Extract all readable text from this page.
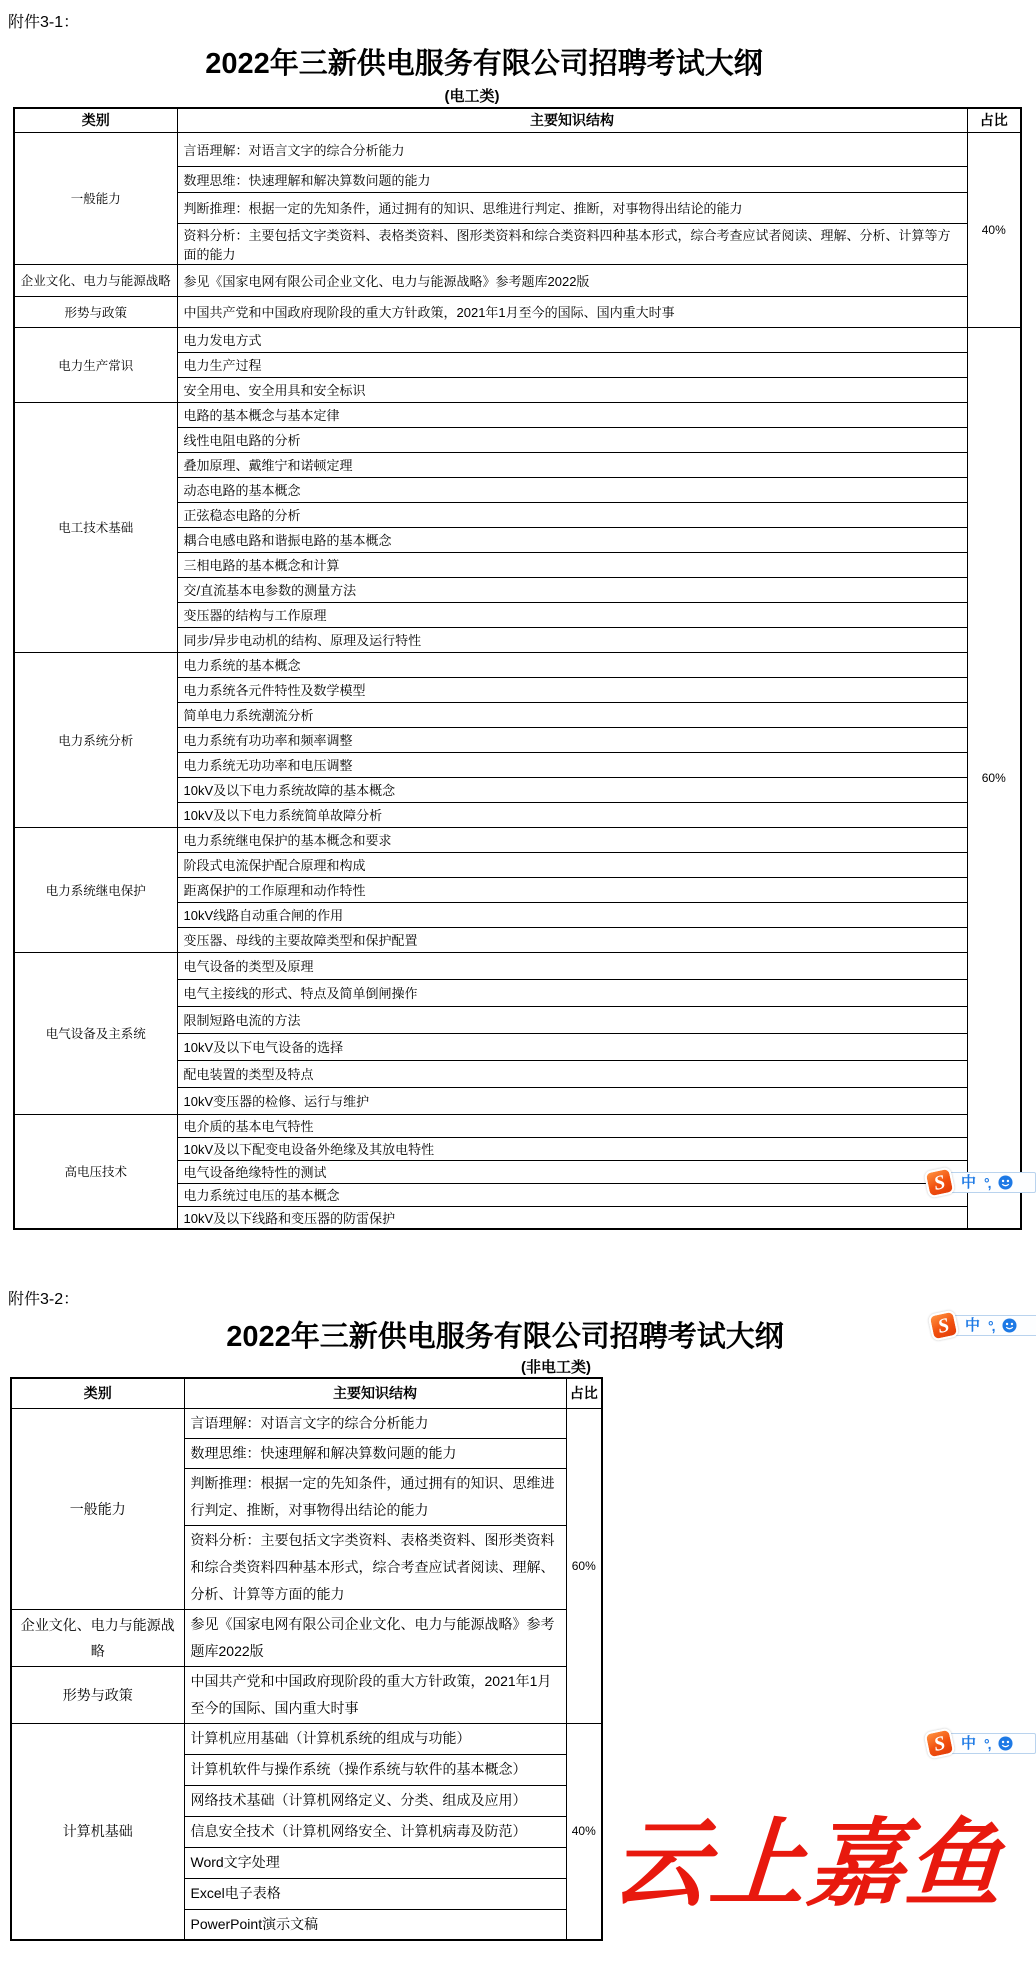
附件3-1：
2022年三新供电服务有限公司招聘考试大纲
(电工类)
类别	主要知识结构	占比
一般能力	言语理解：对语言文字的综合分析能力	40%
	数理思维：快速理解和解决算数问题的能力	
	判断推理：根据一定的先知条件，通过拥有的知识、思维进行判定、推断，对事物得出结论的能力	
	资料分析：主要包括文字类资料、表格类资料、图形类资料和综合类资料四种基本形式，综合考查应试者阅读、理解、分析、计算等方面的能力	
企业文化、电力与能源战略	参见《国家电网有限公司企业文化、电力与能源战略》参考题库2022版	
形势与政策	中国共产党和中国政府现阶段的重大方针政策，2021年1月至今的国际、国内重大时事	
电力生产常识	电力发电方式	60%
	电力生产过程	
	安全用电、安全用具和安全标识	
电工技术基础	电路的基本概念与基本定律	
	线性电阻电路的分析	
	叠加原理、戴维宁和诺顿定理	
	动态电路的基本概念	
	正弦稳态电路的分析	
	耦合电感电路和谐振电路的基本概念	
	三相电路的基本概念和计算	
	交/直流基本电参数的测量方法	
	变压器的结构与工作原理	
	同步/异步电动机的结构、原理及运行特性	
电力系统分析	电力系统的基本概念	
	电力系统各元件特性及数学模型	
	简单电力系统潮流分析	
	电力系统有功功率和频率调整	
	电力系统无功功率和电压调整	
	10kV及以下电力系统故障的基本概念	
	10kV及以下电力系统简单故障分析	
电力系统继电保护	电力系统继电保护的基本概念和要求	
	阶段式电流保护配合原理和构成	
	距离保护的工作原理和动作特性	
	10kV线路自动重合闸的作用	
	变压器、母线的主要故障类型和保护配置	
电气设备及主系统	电气设备的类型及原理	
	电气主接线的形式、特点及简单倒闸操作	
	限制短路电流的方法	
	10kV及以下电气设备的选择	
	配电装置的类型及特点	
	10kV变压器的检修、运行与维护	
高电压技术	电介质的基本电气特性	
	10kV及以下配变电设备外绝缘及其放电特性	
	电气设备绝缘特性的测试	
	电力系统过电压的基本概念	
	10kV及以下线路和变压器的防雷保护	
附件3-2：
2022年三新供电服务有限公司招聘考试大纲
(非电工类)
类别	主要知识结构	占比
一般能力	言语理解：对语言文字的综合分析能力	60%
	数理思维：快速理解和解决算数问题的能力	
	判断推理：根据一定的先知条件，通过拥有的知识、思维进行判定、推断，对事物得出结论的能力	
	资料分析：主要包括文字类资料、表格类资料、图形类资料和综合类资料四种基本形式，综合考查应试者阅读、理解、分析、计算等方面的能力	
企业文化、电力与能源战略	参见《国家电网有限公司企业文化、电力与能源战略》参考题库2022版	
形势与政策	中国共产党和中国政府现阶段的重大方针政策，2021年1月至今的国际、国内重大时事	
计算机基础	计算机应用基础（计算机系统的组成与功能）	40%
	计算机软件与操作系统（操作系统与软件的基本概念）	
	网络技术基础（计算机网络定义、分类、组成及应用）	
	信息安全技术（计算机网络安全、计算机病毒及防范）	
	Word文字处理	
	Excel电子表格	
	PowerPoint演示文稿	
S 中 °,
S 中 °,
S 中 °,
云上嘉鱼
